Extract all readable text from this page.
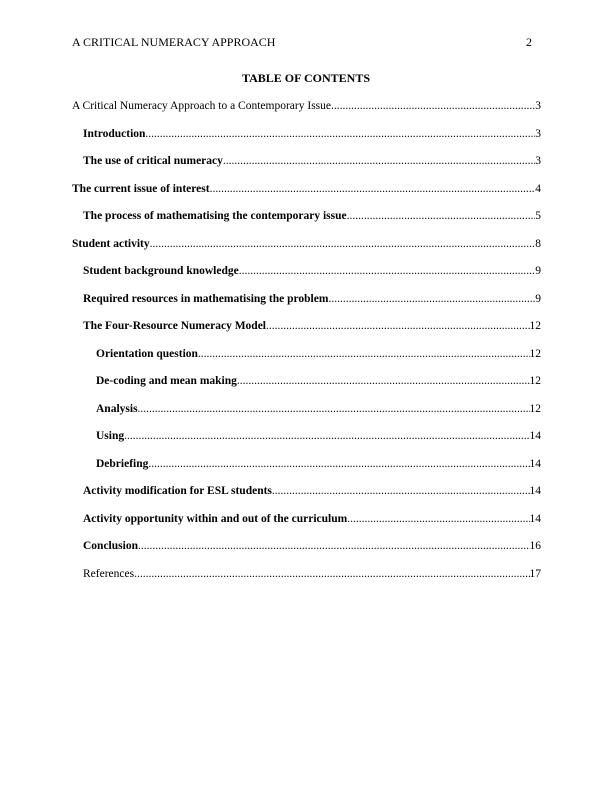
A CRITICAL NUMERACY APPROACH	2
TABLE OF CONTENTS
A Critical Numeracy Approach to a Contemporary Issue .....	3
Introduction .....	3
The use of critical numeracy .....	3
The current issue of interest .....	4
The process of mathematising the contemporary issue .....	5
Student activity .....	8
Student background knowledge .....	9
Required resources in mathematising the problem .....	9
The Four-Resource Numeracy Model .....	12
Orientation question .....	12
De-coding and mean making .....	12
Analysis .....	12
Using .....	14
Debriefing .....	14
Activity modification for ESL students .....	14
Activity opportunity within and out of the curriculum .....	14
Conclusion .....	16
References .....	17
